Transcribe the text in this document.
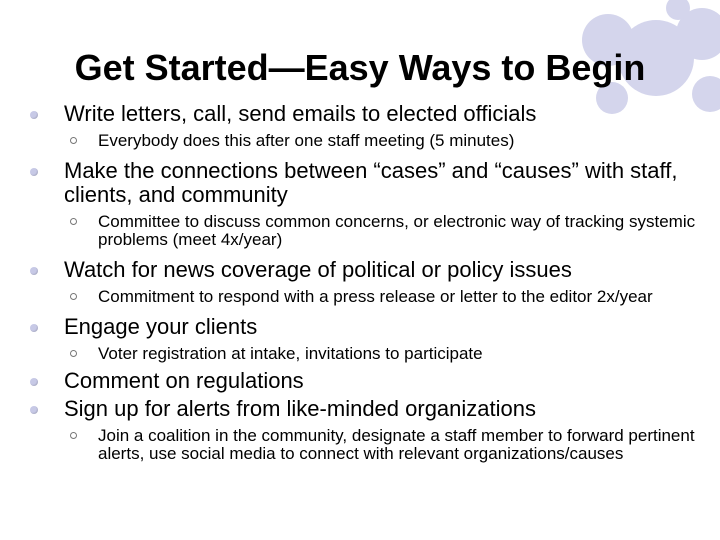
Get Started—Easy Ways to Begin
Write letters, call, send emails to elected officials
Everybody does this after one staff meeting (5 minutes)
Make the connections between “cases” and “causes” with staff, clients, and community
Committee to discuss common concerns, or electronic way of tracking systemic problems (meet 4x/year)
Watch for news coverage of political or policy issues
Commitment to respond with a press release or letter to the editor 2x/year
Engage your clients
Voter registration at intake, invitations to participate
Comment on regulations
Sign up for alerts from like-minded organizations
Join a coalition in the community, designate a staff member to forward pertinent alerts, use social media to connect with relevant organizations/causes
